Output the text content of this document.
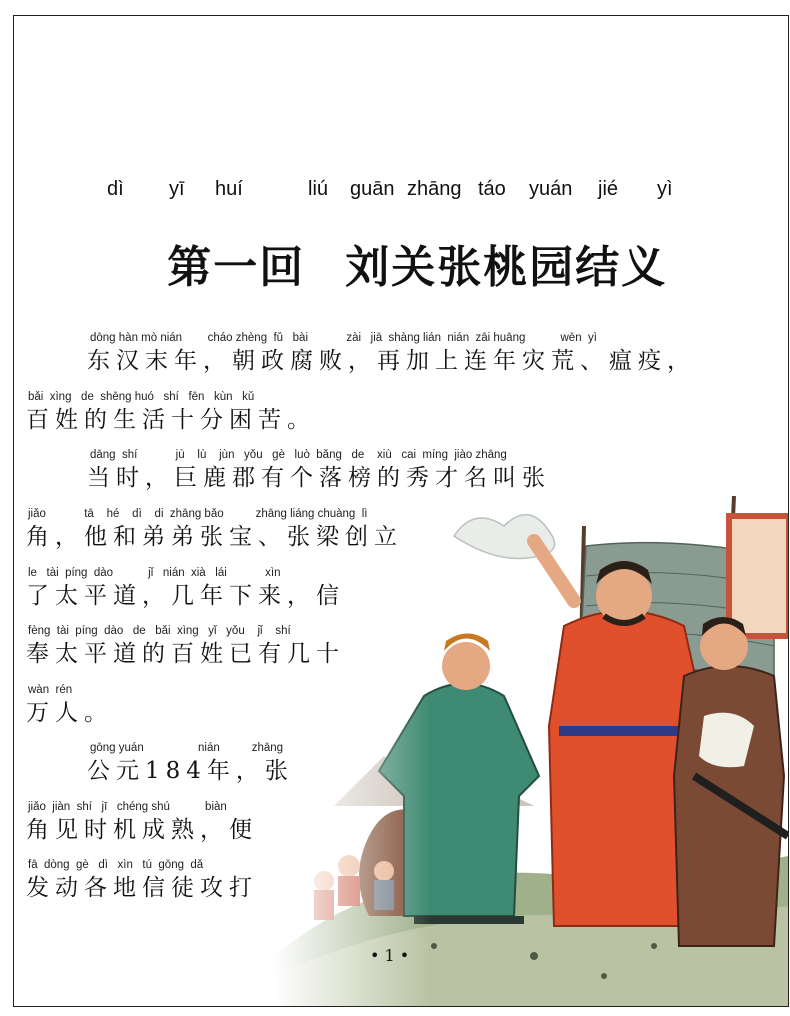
dì yī huí	liú guān zhāng táo yuán jié yì

第一回 刘关张桃园结义

dōng hàn mò nián        cháo zhèng  fǔ   bài            zài   jiā  shàng lián  nián  zāi huāng           wēn  yì
东汉末年，朝政腐败，再加上连年灾荒、瘟疫，
bǎi  xìng   de  shēng huó   shí   fēn   kùn   kǔ
百姓的生活十分困苦。
dāng  shí            jù    lù    jùn   yǒu   gè   luò  bǎng   de    xiù   cai  míng  jiào zhāng
当时，巨鹿郡有个落榜的秀才名叫张
jiǎo            tā    hé    dì    di  zhāng bǎo          zhāng liáng chuàng  lì
角，他和弟弟张宝、张梁创立
le   tài  píng  dào           jǐ   nián  xià   lái            xìn
了太平道，几年下来，信
fèng  tài  píng  dào   de   bǎi  xìng   yǐ   yǒu    jǐ    shí
奉太平道的百姓已有几十
wàn  rén
万人。
gōng yuán                 nián          zhāng
公元184年，张
jiǎo  jiàn  shí   jī   chéng shú           biàn
角见时机成熟，便
fā  dòng  gè   dì   xìn   tú  gōng  dǎ
发动各地信徒攻打
• 1 •
